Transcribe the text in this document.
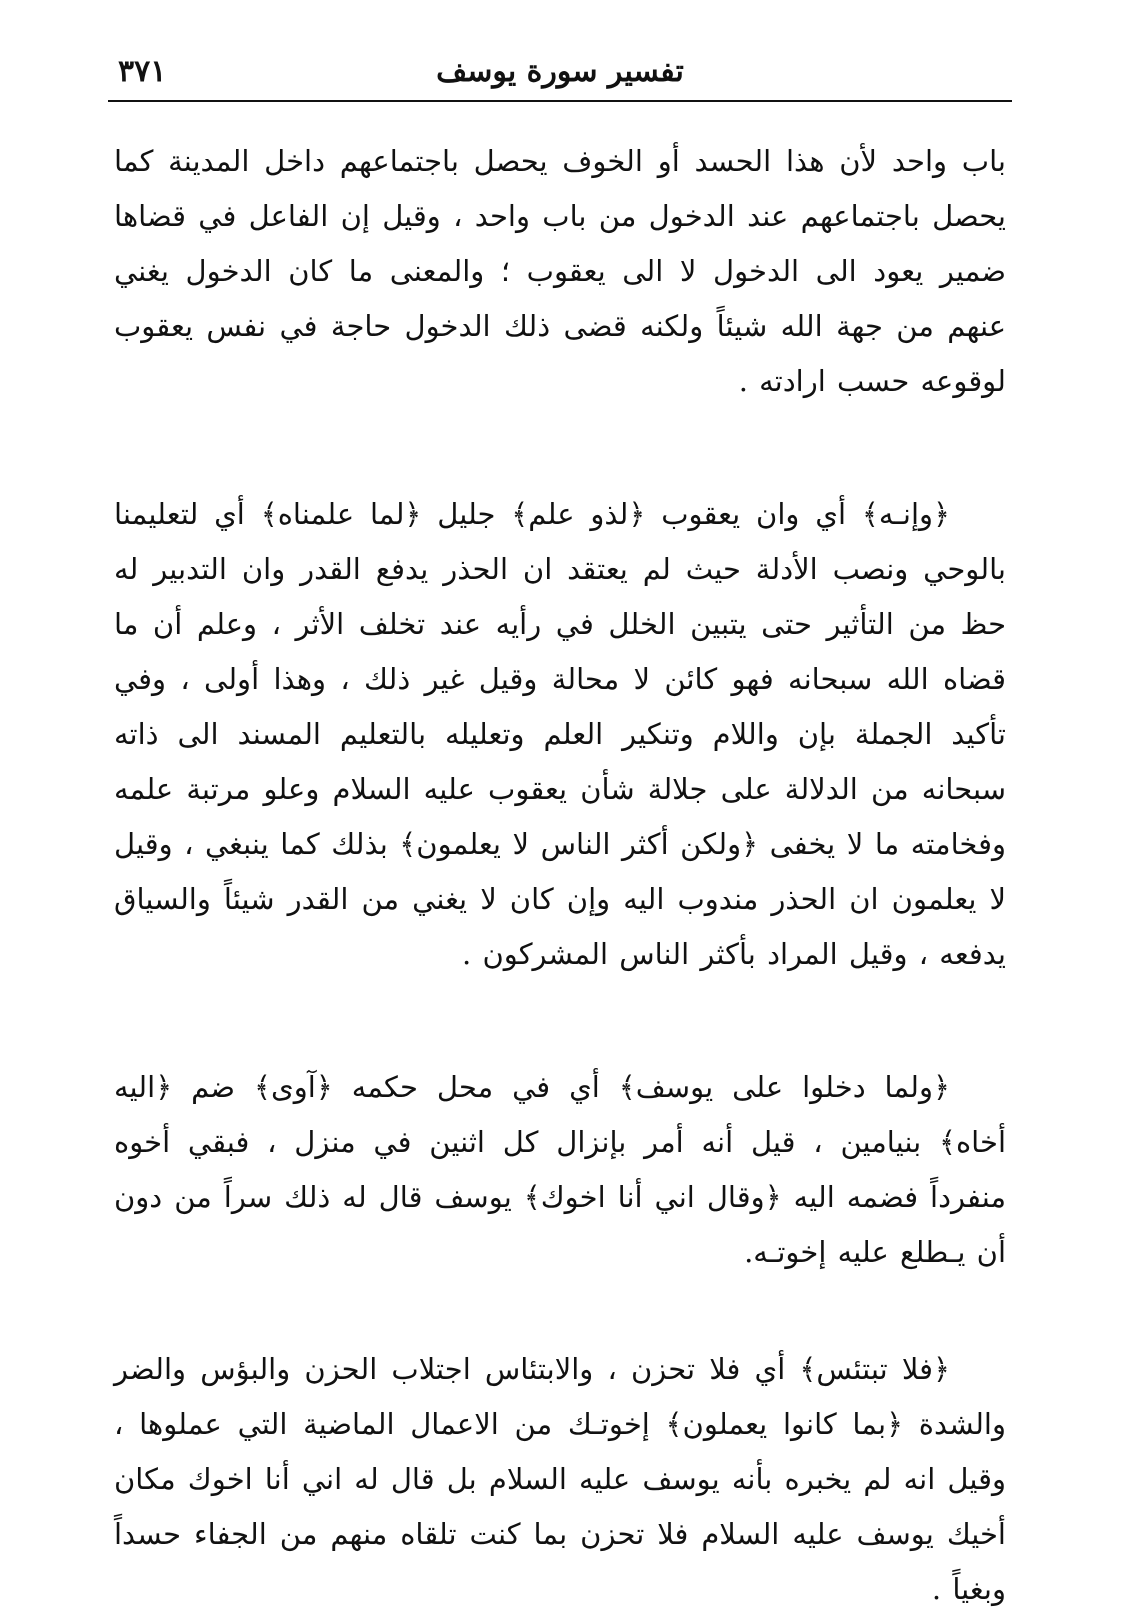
٣٧١	تفسير سورة يوسف

باب واحد لأن هذا الحسد أو الخوف يحصل باجتماعهم داخل المدينة كما يحصل باجتماعهم عند الدخول من باب واحد ، وقيل إن الفاعل في قضاها ضمير يعود الى الدخول لا الى يعقوب ؛ والمعنى ما كان الدخول يغني عنهم من جهة الله شيئاً ولكنه قضى ذلك الدخول حاجة في نفس يعقوب لوقوعه حسب ارادته .

﴿وإنـه﴾ أي وان يعقوب ﴿لذو علم﴾ جليل ﴿لما علمناه﴾ أي لتعليمنا بالوحي ونصب الأدلة حيث لم يعتقد ان الحذر يدفع القدر وان التدبير له حظ من التأثير حتى يتبين الخلل في رأيه عند تخلف الأثر ، وعلم أن ما قضاه الله سبحانه فهو كائن لا محالة وقيل غير ذلك ، وهذا أولى ، وفي تأكيد الجملة بإن واللام وتنكير العلم وتعليله بالتعليم المسند الى ذاته سبحانه من الدلالة على جلالة شأن يعقوب عليه السلام وعلو مرتبة علمه وفخامته ما لا يخفى ﴿ولكن أكثر الناس لا يعلمون﴾ بذلك كما ينبغي ، وقيل لا يعلمون ان الحذر مندوب اليه وإن كان لا يغني من القدر شيئاً والسياق يدفعه ، وقيل المراد بأكثر الناس المشركون .

﴿ولما دخلوا على يوسف﴾ أي في محل حكمه ﴿آوى﴾ ضم ﴿اليه أخاه﴾ بنيامين ، قيل أنه أمر بإنزال كل اثنين في منزل ، فبقي أخوه منفرداً فضمه اليه ﴿وقال اني أنا اخوك﴾ يوسف قال له ذلك سراً من دون أن يـطلع عليه إخوتـه.

﴿فلا تبتئس﴾ أي فلا تحزن ، والابتئاس اجتلاب الحزن والبؤس والضر والشدة ﴿بما كانوا يعملون﴾ إخوتـك من الاعمال الماضية التي عملوها ، وقيل انه لم يخبره بأنه يوسف عليه السلام بل قال له اني أنا اخوك مكان أخيك يوسف عليه السلام فلا تحزن بما كنت تلقاه منهم من الجفاء حسداً وبغياً .
